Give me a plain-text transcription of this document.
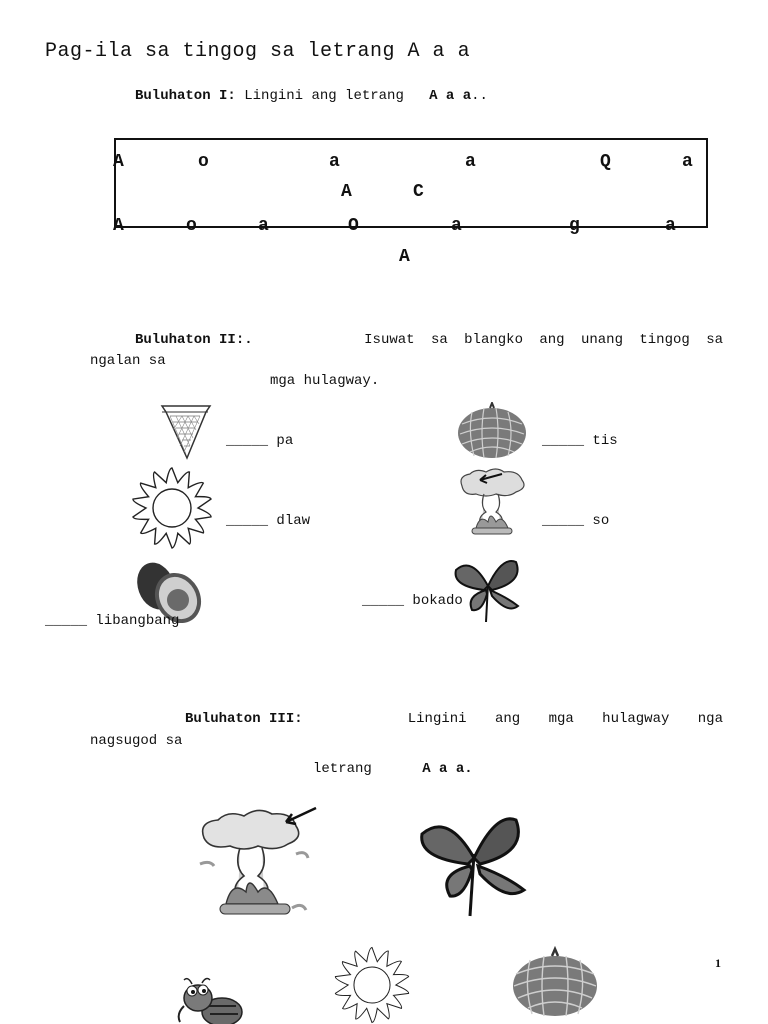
Pag-ila sa tingog sa letrang A a a
Buluhaton I: Lingini ang letrang A a a..
A	o	a	a	Q	a
A	C
A	o	a	O	a	g	a
A
Buluhaton II:.	Isuwat sa blangko ang unang tingog sa
ngalan sa
mga hulagway.
_____ pa	_____ tis
_____ dlaw	_____ so
_____ bokado
_____ libangbang
Buluhaton III:	Lingini ang mga hulagway nga
nagsugod sa
letrang	A a a.
1
